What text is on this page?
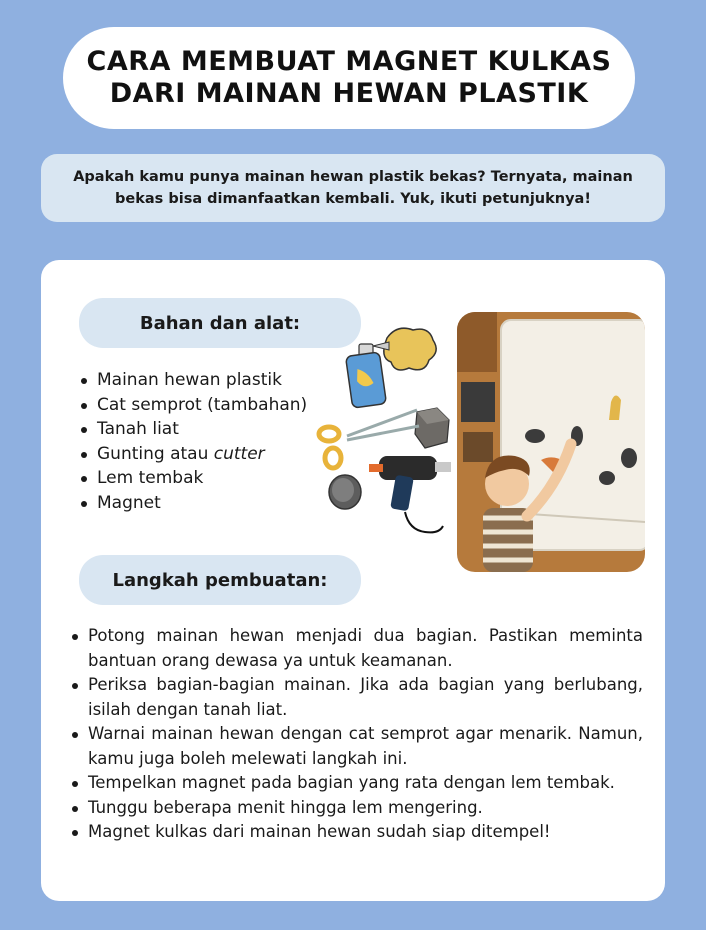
CARA MEMBUAT MAGNET KULKAS
DARI MAINAN HEWAN PLASTIK

Apakah kamu punya mainan hewan plastik bekas? Ternyata, mainan bekas bisa dimanfaatkan kembali. Yuk, ikuti petunjuknya!

Bahan dan alat:
Mainan hewan plastik
Cat semprot (tambahan)
Tanah liat
Gunting atau cutter
Lem tembak
Magnet
Langkah pembuatan:
Potong mainan hewan menjadi dua bagian. Pastikan meminta bantuan orang dewasa ya untuk keamanan.
Periksa bagian-bagian mainan. Jika ada bagian yang berlubang, isilah dengan tanah liat.
Warnai mainan hewan dengan cat semprot agar menarik. Namun, kamu juga boleh melewati langkah ini.
Tempelkan magnet pada bagian yang rata dengan lem tembak.
Tunggu beberapa menit hingga lem mengering.
Magnet kulkas dari mainan hewan sudah siap ditempel!
